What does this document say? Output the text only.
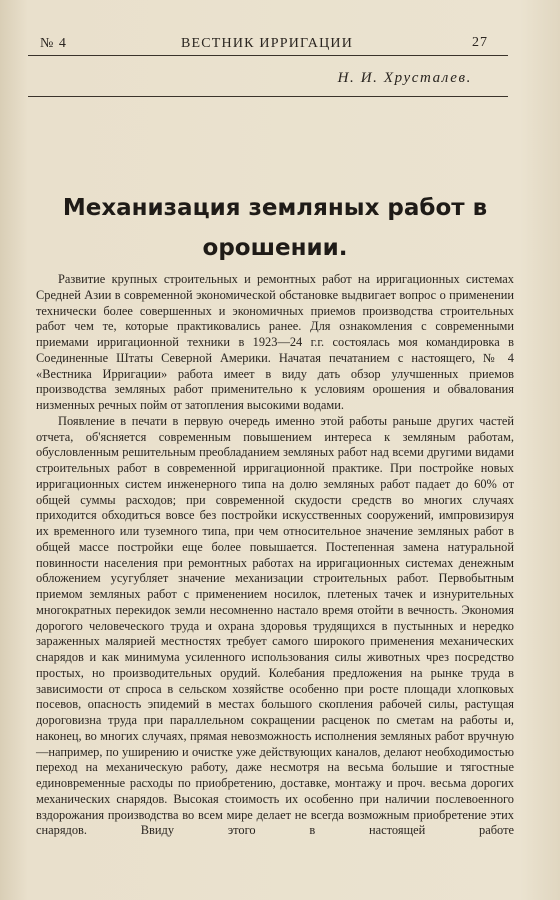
№ 4	ВЕСТНИК ИРРИГАЦИИ	27
Н. И. Хрусталев.
Механизация земляных работ в орошении.

Развитие крупных строительных и ремонтных работ на ирригационных системах Средней Азии в современной экономической обстановке выдвигает вопрос о применении технически более совершенных и экономичных приемов производства строительных работ чем те, которые практиковались ранее. Для ознакомления с современными приемами ирригационной техники в 1923—24 г.г. состоялась моя командировка в Соединенные Штаты Северной Америки. Начатая печатанием с настоящего, № 4 «Вестника Ирригации» работа имеет в виду дать обзор улучшенных приемов производства земляных работ применительно к условиям орошения и обвалования низменных речных пойм от затопления высокими водами.

Появление в печати в первую очередь именно этой работы раньше других частей отчета, об'ясняется современным повышением интереса к земляным работам, обусловленным решительным преобладанием земляных работ над всеми другими видами строительных работ в современной ирригационной практике. При постройке новых ирригационных систем инженерного типа на долю земляных работ падает до 60% от общей суммы расходов; при современной скудости средств во многих случаях приходится обходиться вовсе без постройки искусственных сооружений, импровизируя их временного или туземного типа, при чем относительное значение земляных работ в общей массе постройки еще более повышается. Постепенная замена натуральной повинности населения при ремонтных работах на ирригационных системах денежным обложением усугубляет значение механизации строительных работ. Первобытным приемом земляных работ с применением носилок, плетеных тачек и изнурительных многократных перекидок земли несомненно настало время отойти в вечность. Экономия дорогого человеческого труда и охрана здоровья трудящихся в пустынных и нередко зараженных малярией местностях требует самого широкого применения механических снарядов и как минимума усиленного использования силы животных чрез посредство простых, но производительных орудий. Колебания предложения на рынке труда в зависимости от спроса в сельском хозяйстве особенно при росте площади хлопковых посевов, опасность эпидемий в местах большого скопления рабочей силы, растущая дороговизна труда при параллельном сокращении расценок по сметам на работы и, наконец, во многих случаях, прямая невозможность исполнения земляных работ вручную—например, по уширению и очистке уже действующих каналов, делают необходимостью переход на механическую работу, даже несмотря на весьма большие и тягостные единовременные расходы по приобретению, доставке, монтажу и проч. весьма дорогих механических снарядов. Высокая стоимость их особенно при наличии послевоенного вздорожания производства во всем мире делает не всегда возможным приобретение этих снарядов. Ввиду этого в настоящей работе
